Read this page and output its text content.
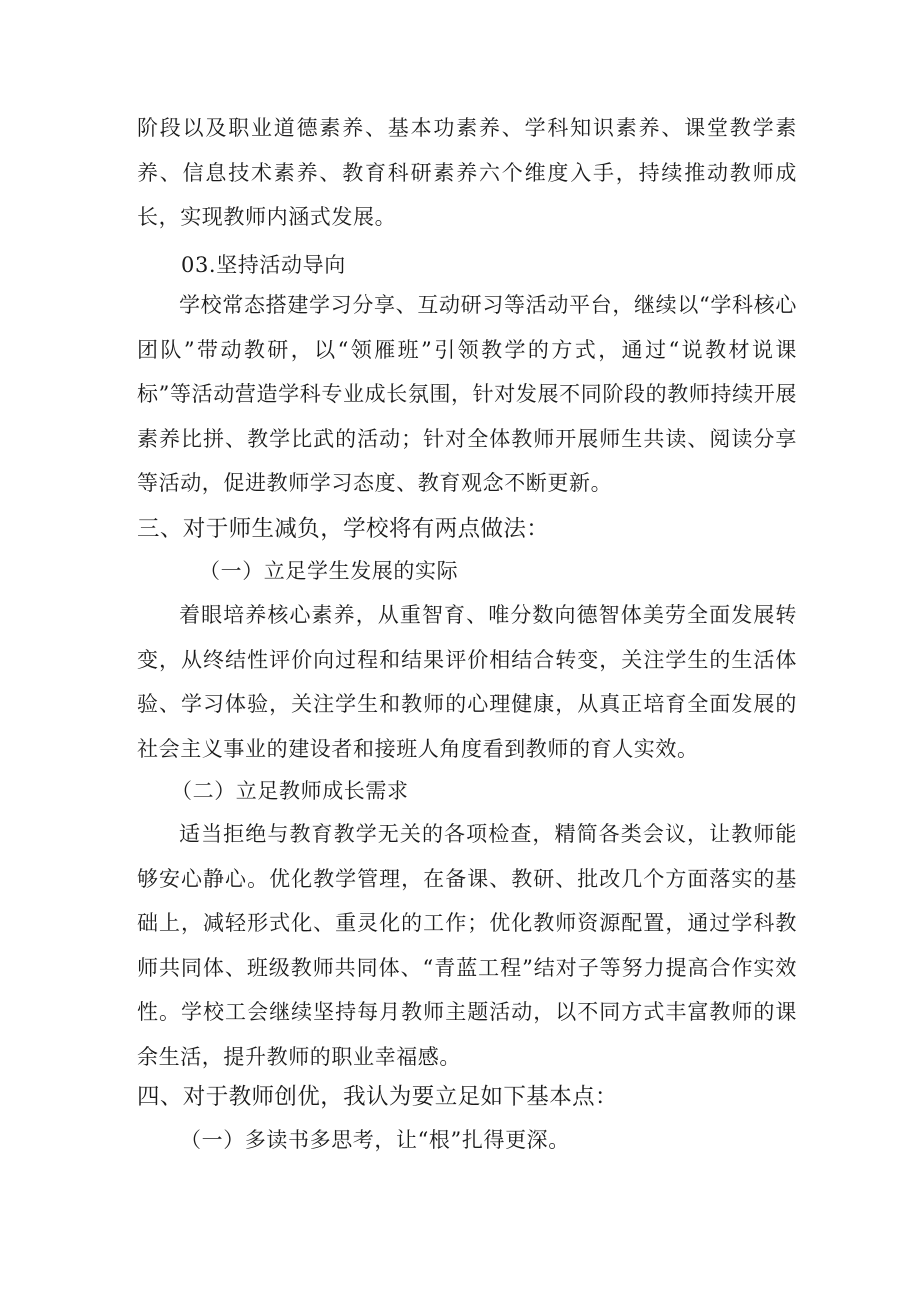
阶段以及职业道德素养、基本功素养、学科知识素养、课堂教学素养、信息技术素养、教育科研素养六个维度入手，持续推动教师成长，实现教师内涵式发展。

03.坚持活动导向

学校常态搭建学习分享、互动研习等活动平台，继续以“学科核心团队”带动教研，以“领雁班”引领教学的方式，通过“说教材说课标”等活动营造学科专业成长氛围，针对发展不同阶段的教师持续开展素养比拼、教学比武的活动；针对全体教师开展师生共读、阅读分享等活动，促进教师学习态度、教育观念不断更新。

三、对于师生减负，学校将有两点做法：

（一）立足学生发展的实际

着眼培养核心素养，从重智育、唯分数向德智体美劳全面发展转变，从终结性评价向过程和结果评价相结合转变，关注学生的生活体验、学习体验，关注学生和教师的心理健康，从真正培育全面发展的社会主义事业的建设者和接班人角度看到教师的育人实效。

（二）立足教师成长需求

适当拒绝与教育教学无关的各项检查，精简各类会议，让教师能够安心静心。优化教学管理，在备课、教研、批改几个方面落实的基础上，减轻形式化、重灵化的工作；优化教师资源配置，通过学科教师共同体、班级教师共同体、“青蓝工程”结对子等努力提高合作实效性。学校工会继续坚持每月教师主题活动，以不同方式丰富教师的课余生活，提升教师的职业幸福感。

四、对于教师创优，我认为要立足如下基本点：

（一）多读书多思考，让“根”扎得更深。
